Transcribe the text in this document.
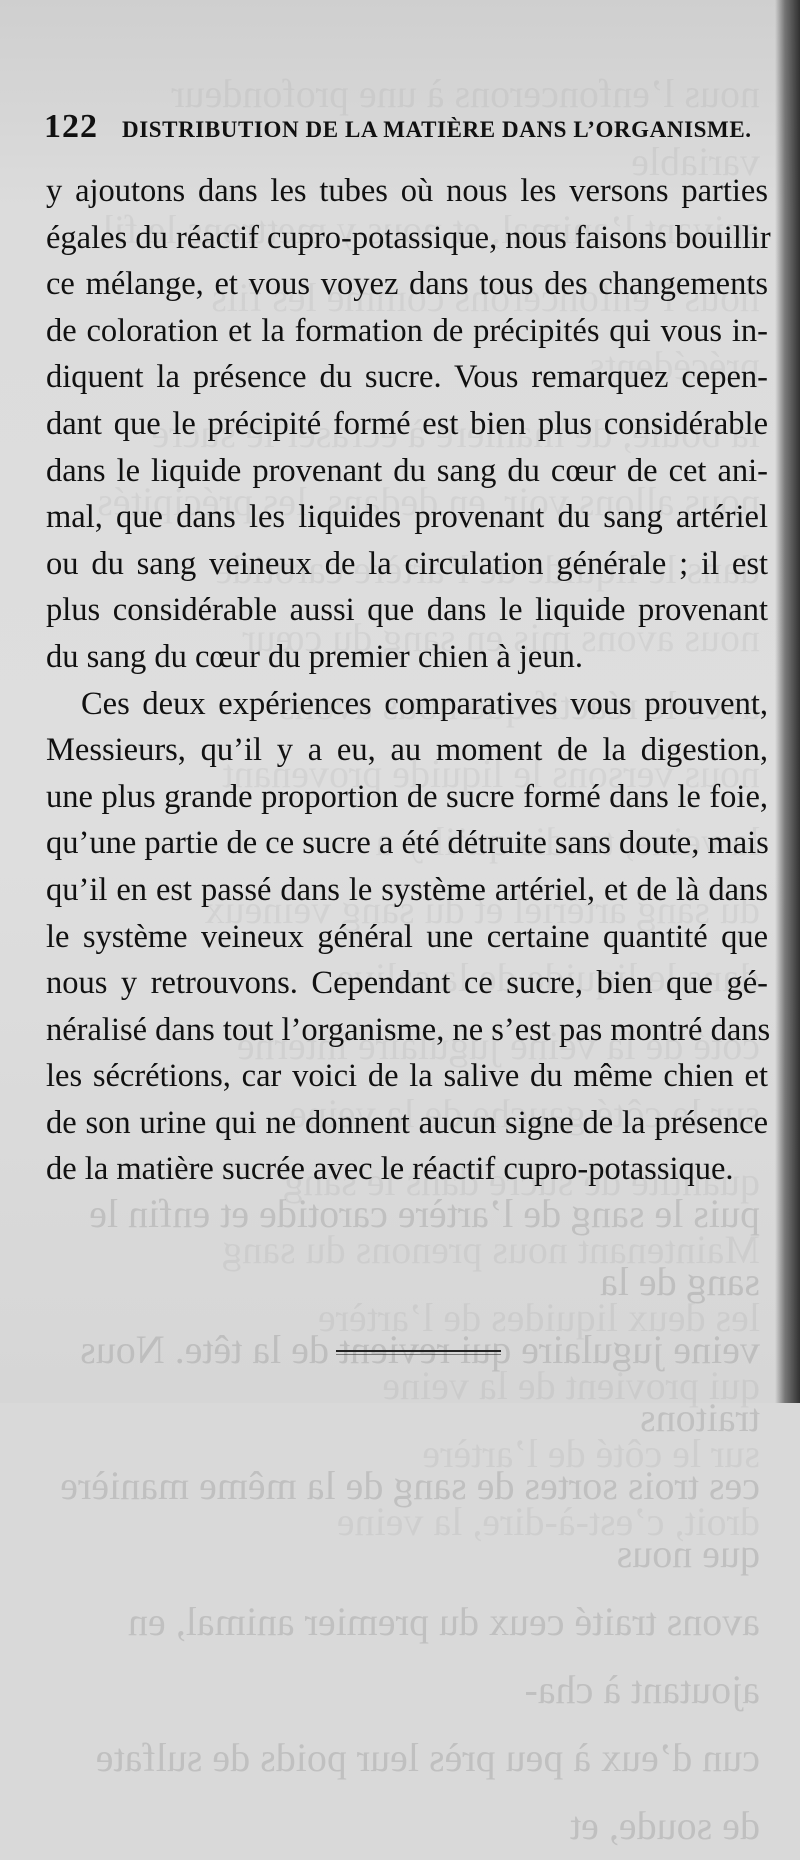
puis le sang de l’artère carotide et enfin le sang de la
veine jugulaire qui revient de la tête. Nous traitons
ces trois sortes de sang de la même manière que nous
avons traité ceux du premier animal, en ajoutant à cha-
cun d’eux à peu près leur poids de sulfate de soude, et
122 DISTRIBUTION DE LA MATIÈRE DANS L’ORGANISME.
y ajoutons dans les tubes où nous les versons parties
égales du réactif cupro-potassique, nous faisons bouillir
ce mélange, et vous voyez dans tous des changements
de coloration et la formation de précipités qui vous in-
diquent la présence du sucre. Vous remarquez cepen-
dant que le précipité formé est bien plus considérable
dans le liquide provenant du sang du cœur de cet ani-
mal, que dans les liquides provenant du sang artériel
ou du sang veineux de la circulation générale ; il est
plus considérable aussi que dans le liquide provenant
du sang du cœur du premier chien à jeun.
Ces deux expériences comparatives vous prouvent,
Messieurs, qu’il y a eu, au moment de la digestion,
une plus grande proportion de sucre formé dans le foie,
qu’une partie de ce sucre a été détruite sans doute, mais
qu’il en est passé dans le système artériel, et de là dans
le système veineux général une certaine quantité que
nous y retrouvons. Cependant ce sucre, bien que gé-
néralisé dans tout l’organisme, ne s’est pas montré dans
les sécrétions, car voici de la salive du même chien et
de son urine qui ne donnent aucun signe de la présence
de la matière sucrée avec le réactif cupro-potassique.
